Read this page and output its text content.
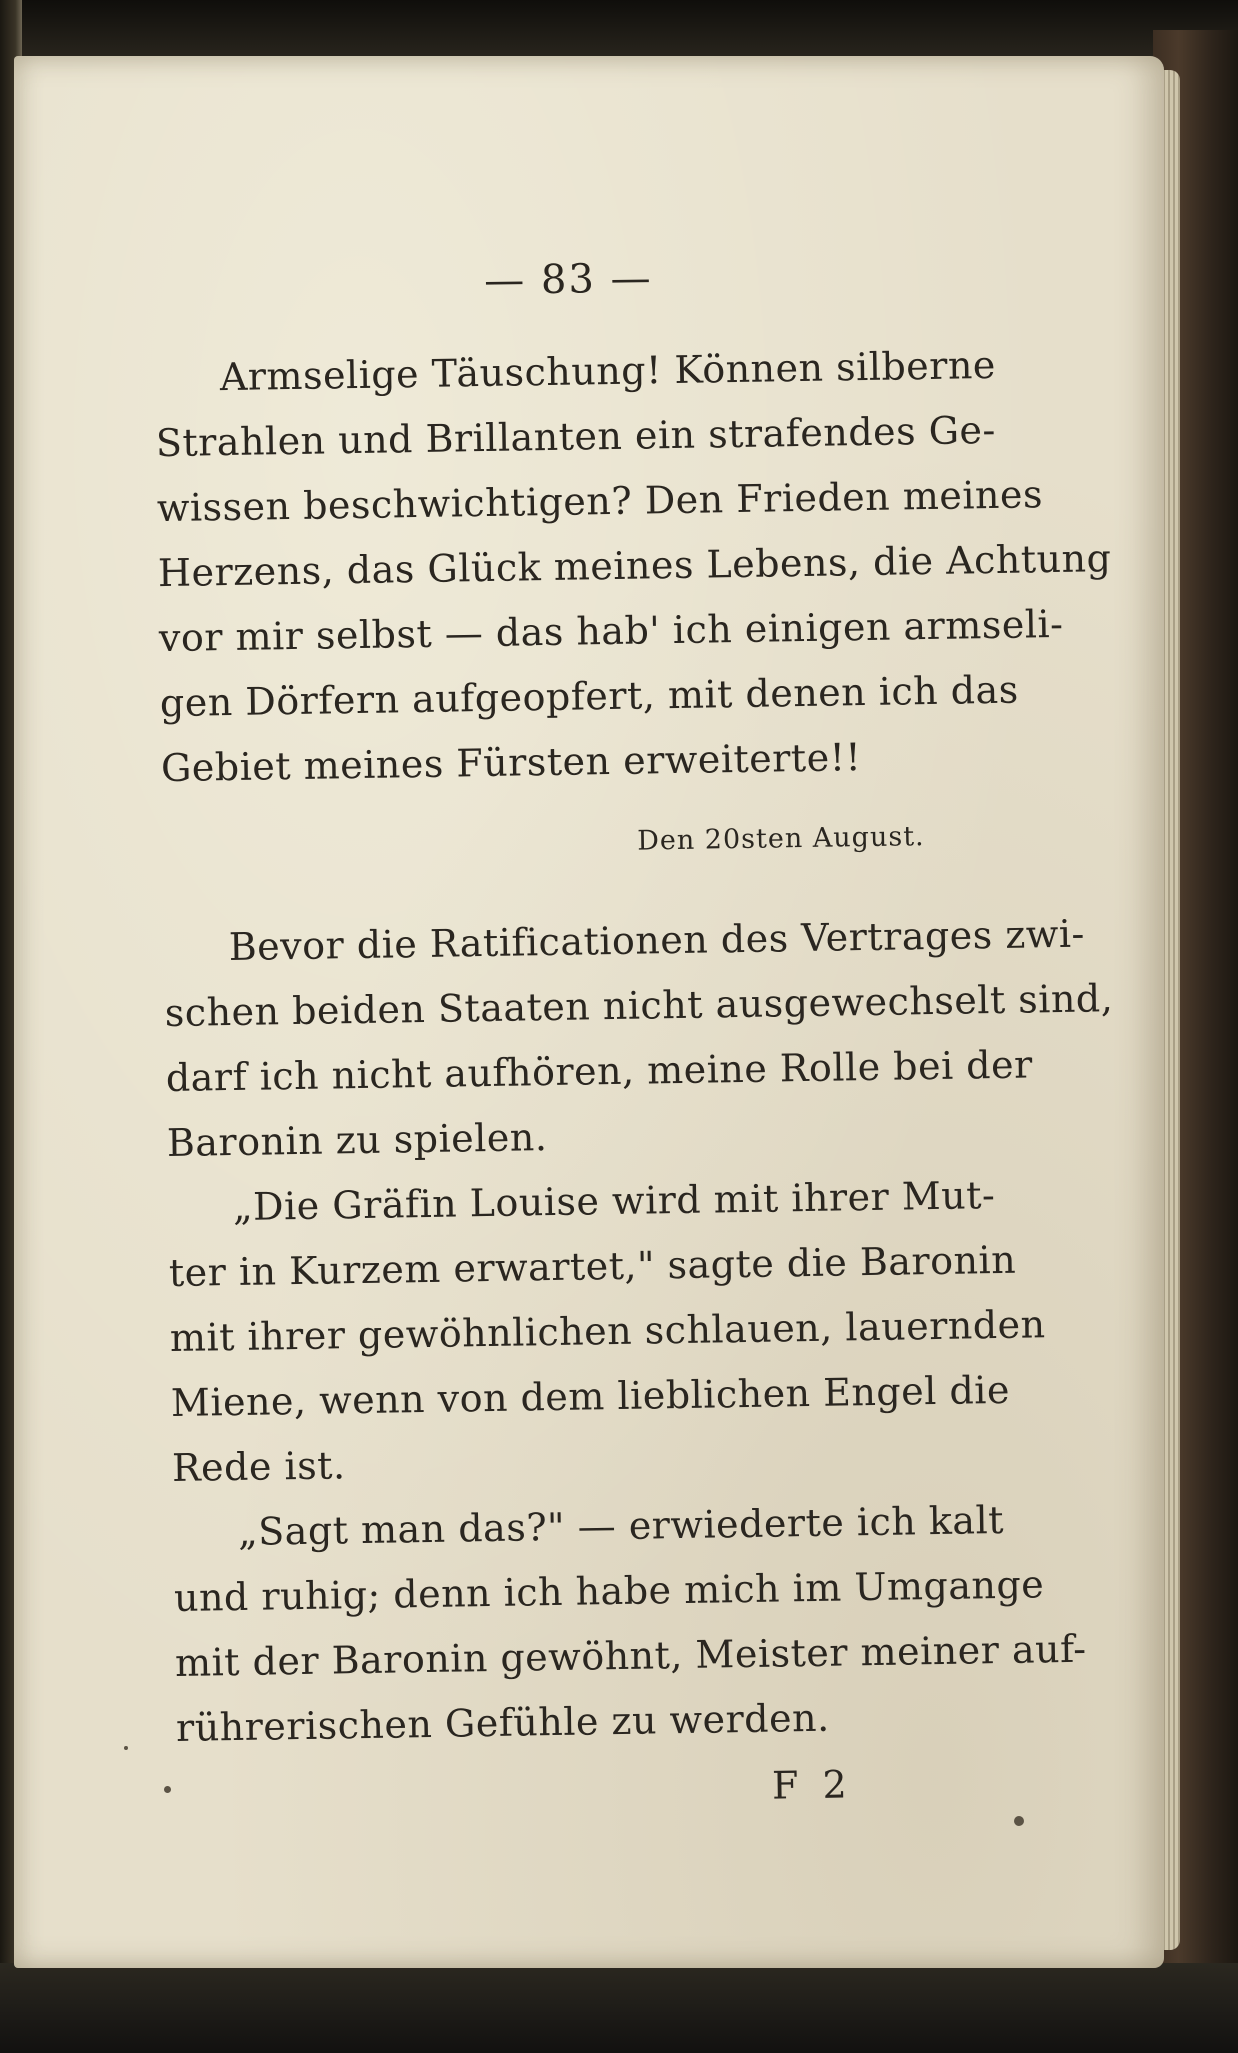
— 83 —
Armselige Täuschung! Können silberne
Strahlen und Brillanten ein strafendes Ge-
wissen beschwichtigen? Den Frieden meines
Herzens, das Glück meines Lebens, die Achtung
vor mir selbst — das hab' ich einigen armseli-
gen Dörfern aufgeopfert, mit denen ich das
Gebiet meines Fürsten erweiterte!!
Den 20sten August.
Bevor die Ratificationen des Vertrages zwi-
schen beiden Staaten nicht ausgewechselt sind,
darf ich nicht aufhören, meine Rolle bei der
Baronin zu spielen.
„Die Gräfin Louise wird mit ihrer Mut-
ter in Kurzem erwartet," sagte die Baronin
mit ihrer gewöhnlichen schlauen, lauernden
Miene, wenn von dem lieblichen Engel die
Rede ist.
„Sagt man das?" — erwiederte ich kalt
und ruhig; denn ich habe mich im Umgange
mit der Baronin gewöhnt, Meister meiner auf-
rührerischen Gefühle zu werden.
F 2
